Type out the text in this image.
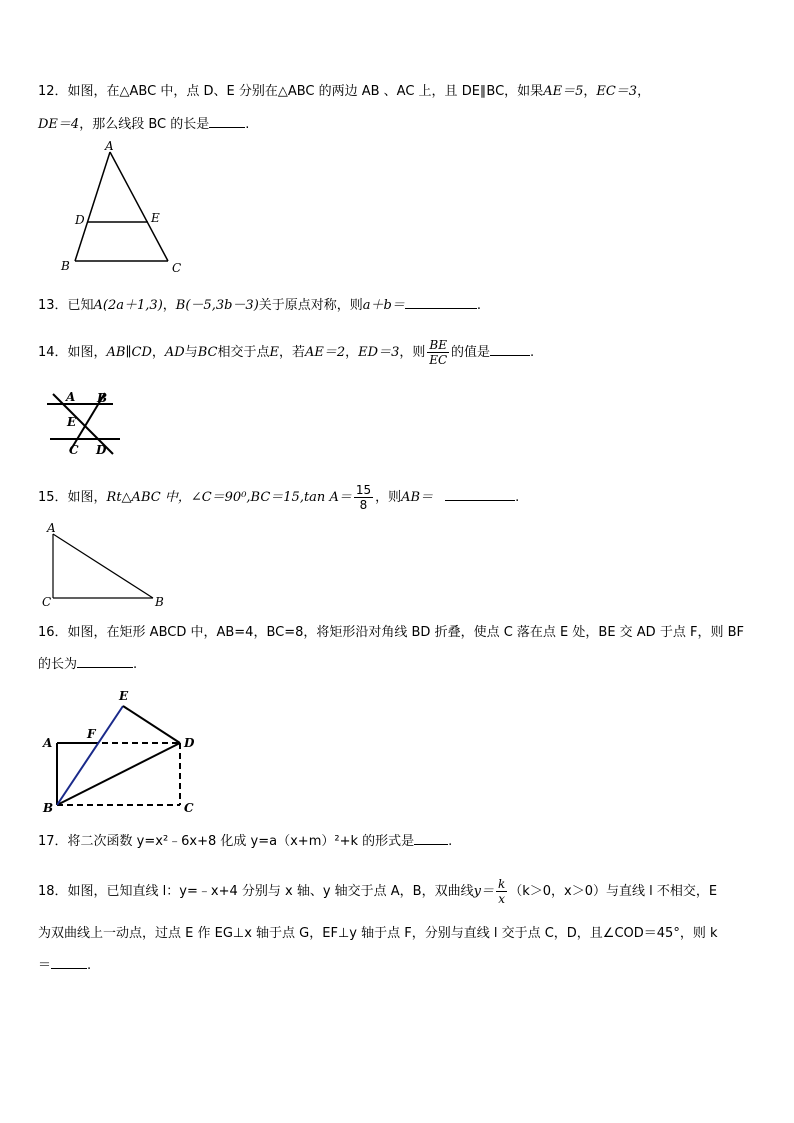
12．如图，在△ABC 中，点 D、E 分别在△ABC 的两边 AB 、AC 上，且 DE∥BC，如果AE＝5，EC＝3，
DE＝4，那么线段 BC 的长是	.
A
D	E
B	C
13．已知A(2a＋1,3)，B(－5,3b－3)关于原点对称，则a＋b＝	.
14．如图，AB∥CD，AD与BC相交于点E，若AE＝2，ED＝3，则 $\frac{BE}{EC}$ 的值是	.
A B
E
C D
15．如图，Rt△ABC 中，∠C＝90⁰,BC＝15,tan $A= \frac{15}{8}$ ，则AB＝	.
A
C	B
16．如图，在矩形 ABCD 中，AB=4，BC=8，将矩形沿对角线 BD 折叠，使点 C 落在点 E 处，BE 交 AD 于点 F，则 BF
的长为	.
E
F
A	D
B	C
17．将二次函数 y=x²﹣6x+8 化成 y=a（x+m）²+k 的形式是	.
18．如图，已知直线 l：y=﹣x+4 分别与 x 轴、y 轴交于点 A，B，双曲线$y= \frac{k}{x} (k>0$，x＞0）与直线 l 不相交，E
为双曲线上一动点，过点 E 作 EG⊥x 轴于点 G，EF⊥y 轴于点 F，分别与直线 l 交于点 C，D，且∠COD＝45°，则 k
＝	.
